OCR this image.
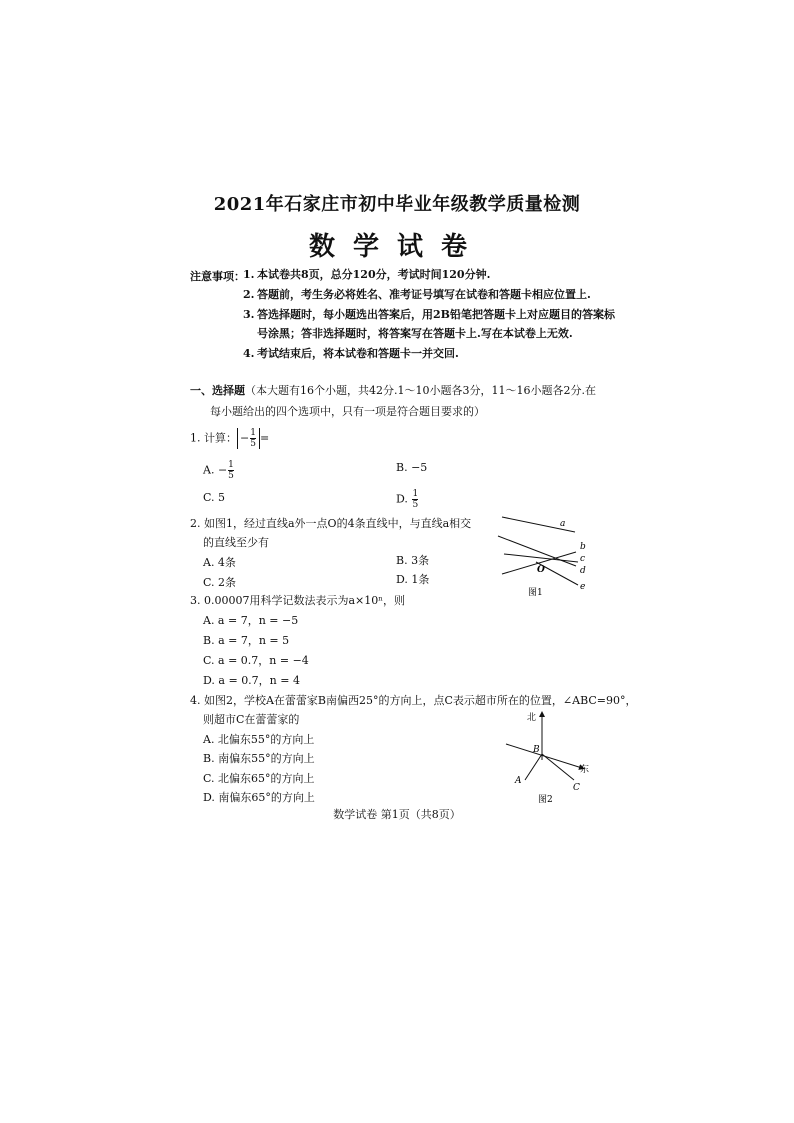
2021年石家庄市初中毕业年级教学质量检测
数学试卷
注意事项：
1. 本试卷共8页，总分120分，考试时间120分钟.
2. 答题前，考生务必将姓名、准考证号填写在试卷和答题卡相应位置上.
3. 答选择题时，每小题选出答案后，用2B铅笔把答题卡上对应题目的答案标
号涂黑；答非选择题时，将答案写在答题卡上.写在本试卷上无效.
4. 考试结束后，将本试卷和答题卡一并交回.
一、选择题（本大题有16个小题，共42分.1～10小题各3分，11～16小题各2分.在
每小题给出的四个选项中，只有一项是符合题目要求的）
1. 计算： − $\frac{1}{5}$ =
A. − $\frac{1}{5}$	B. −5
C. 5	D. $\frac{1}{5}$
2. 如图1，经过直线a外一点O的4条直线中，与直线a相交
的直线至少有
A. 4条	B. 3条
C. 2条	D. 1条
a
b
c
d
e
O
图1
3. 0.00007用科学记数法表示为a×10ⁿ，则
A. a = 7，n = −5
B. a = 7，n = 5
C. a = 0.7，n = −4
D. a = 0.7，n = 4
4. 如图2，学校A在蕾蕾家B南偏西25°的方向上，点C表示超市所在的位置，∠ABC=90°，
则超市C在蕾蕾家的
A. 北偏东55°的方向上
B. 南偏东55°的方向上
C. 北偏东65°的方向上
D. 南偏东65°的方向上
北
东
B
A
C
图2
数学试卷 第1页（共8页）
